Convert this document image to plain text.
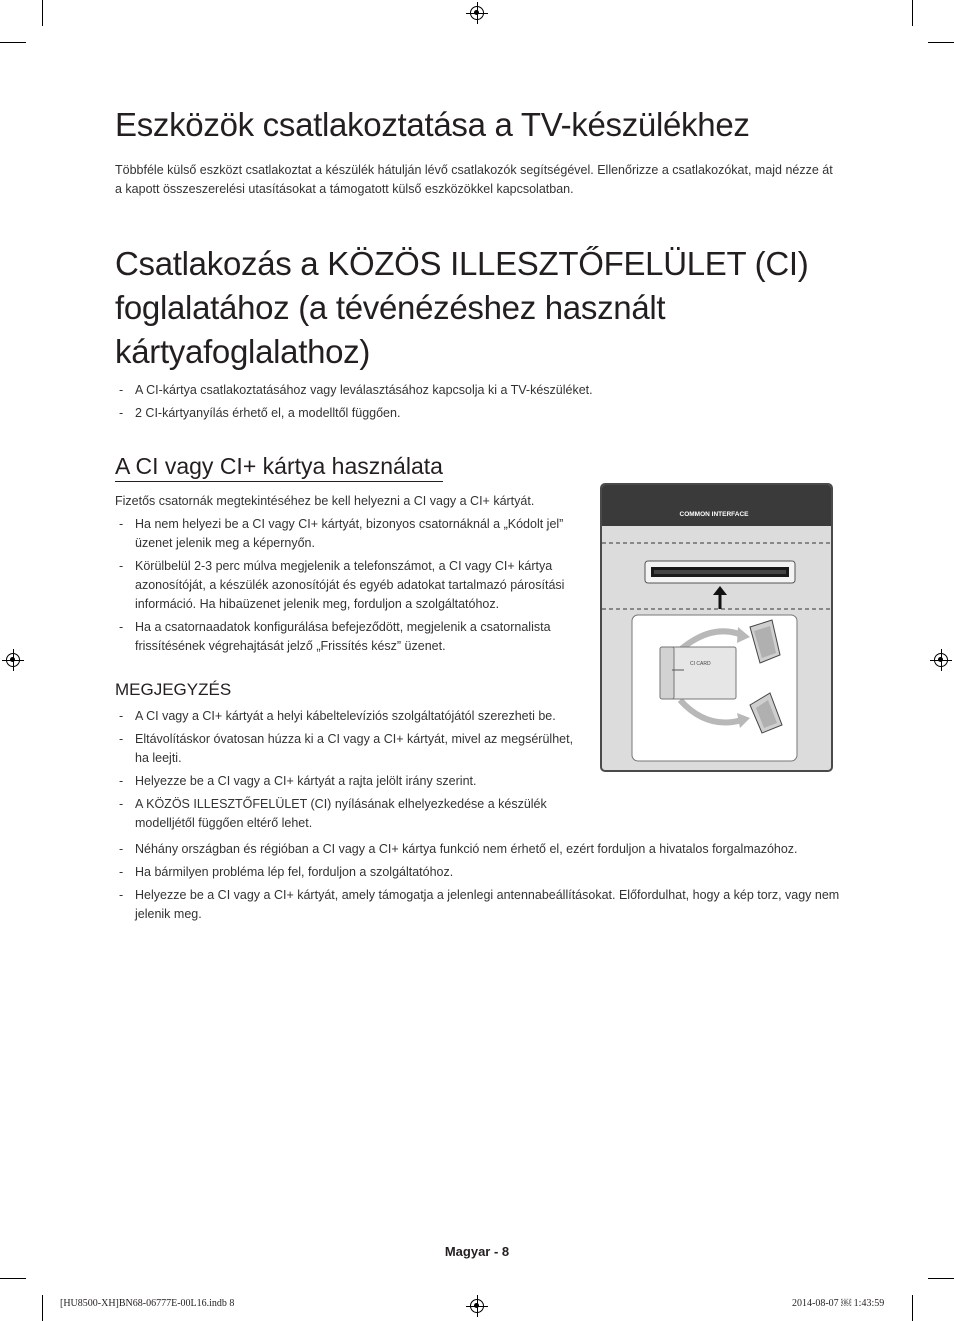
Eszközök csatlakoztatása a TV-készülékhez

Többféle külső eszközt csatlakoztat a készülék hátulján lévő csatlakozók segítségével. Ellenőrizze a csatlakozókat, majd nézze át a kapott összeszerelési utasításokat a támogatott külső eszközökkel kapcsolatban.

Csatlakozás a KÖZÖS ILLESZTŐFELÜLET (CI) foglalatához (a tévénézéshez használt kártyafoglalathoz)
- A CI-kártya csatlakoztatásához vagy leválasztásához kapcsolja ki a TV-készüléket.
- 2 CI-kártyanyílás érhető el, a modelltől függően.
A CI vagy CI+ kártya használata

Fizetős csatornák megtekintéséhez be kell helyezni a CI vagy a CI+ kártyát.

- Ha nem helyezi be a CI vagy CI+ kártyát, bizonyos csatornáknál a „Kódolt jel” üzenet jelenik meg a képernyőn.
- Körülbelül 2-3 perc múlva megjelenik a telefonszámot, a CI vagy CI+ kártya azonosítóját, a készülék azonosítóját és egyéb adatokat tartalmazó párosítási információ. Ha hibaüzenet jelenik meg, forduljon a szolgáltatóhoz.
- Ha a csatornaadatok konfigurálása befejeződött, megjelenik a csatornalista frissítésének végrehajtását jelző „Frissítés kész” üzenet.
MEGJEGYZÉS
- A CI vagy a CI+ kártyát a helyi kábeltelevíziós szolgáltatójától szerezheti be.
- Eltávolításkor óvatosan húzza ki a CI vagy a CI+ kártyát, mivel az megsérülhet, ha leejti.
- Helyezze be a CI vagy a CI+ kártyát a rajta jelölt irány szerint.
- A KÖZÖS ILLESZTŐFELÜLET (CI) nyílásának elhelyezkedése a készülék modelljétől függően eltérő lehet.
- Néhány országban és régióban a CI vagy a CI+ kártya funkció nem érhető el, ezért forduljon a hivatalos forgalmazóhoz.
- Ha bármilyen probléma lép fel, forduljon a szolgáltatóhoz.
- Helyezze be a CI vagy a CI+ kártyát, amely támogatja a jelenlegi antennabeállításokat. Előfordulhat, hogy a kép torz, vagy nem jelenik meg.
COMMON INTERFACE
CI CARD
Magyar - 8
[HU8500-XH]BN68-06777E-00L16.indb 8	2014-08-07 ￼ 1:43:59
